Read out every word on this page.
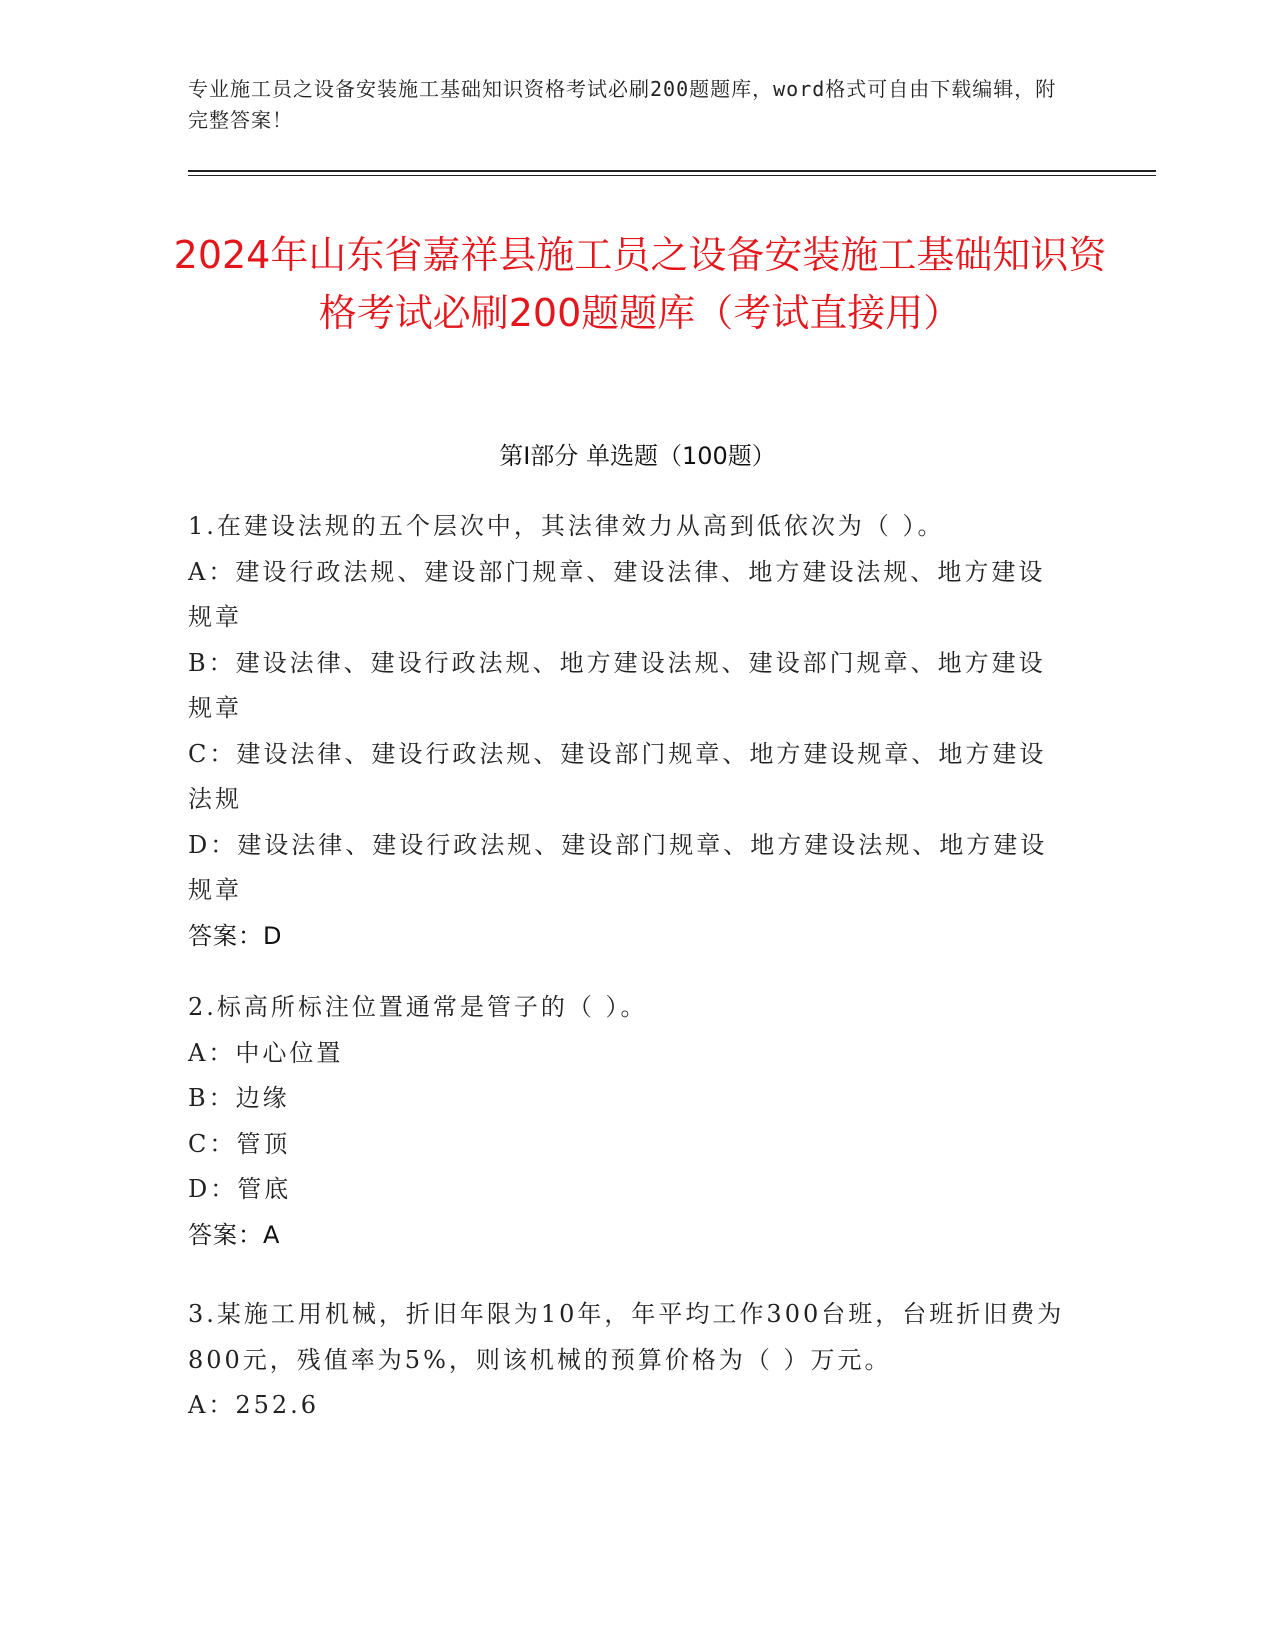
专业施工员之设备安装施工基础知识资格考试必刷200题题库，word格式可自由下载编辑，附完整答案！
2024年山东省嘉祥县施工员之设备安装施工基础知识资格考试必刷200题题库（考试直接用）
第Ⅰ部分 单选题（100题）
1.在建设法规的五个层次中，其法律效力从高到低依次为（ ）。
A：建设行政法规、建设部门规章、建设法律、地方建设法规、地方建设规章
B：建设法律、建设行政法规、地方建设法规、建设部门规章、地方建设规章
C：建设法律、建设行政法规、建设部门规章、地方建设规章、地方建设法规
D：建设法律、建设行政法规、建设部门规章、地方建设法规、地方建设规章
答案：D
2.标高所标注位置通常是管子的（ ）。
A：中心位置
B：边缘
C：管顶
D：管底
答案：A
3.某施工用机械，折旧年限为10年，年平均工作300台班，台班折旧费为800元，残值率为5%，则该机械的预算价格为（ ）万元。
A：252.6
